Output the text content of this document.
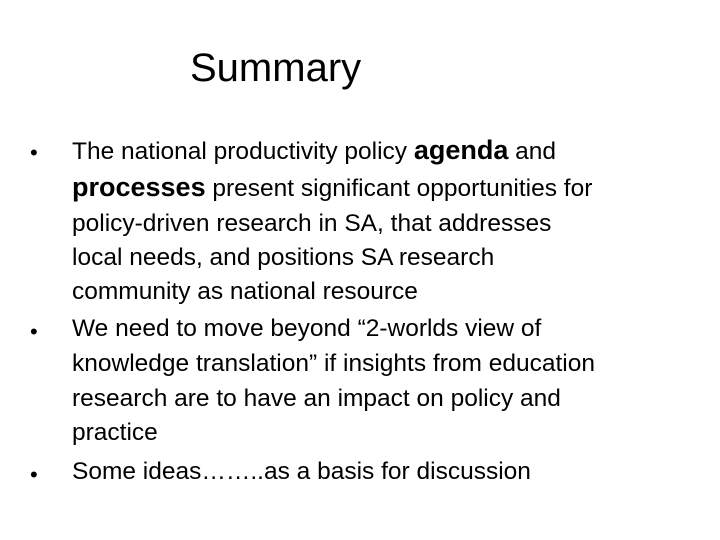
Summary
• The national productivity policy agenda and
processes present significant opportunities for
policy-driven research in SA, that addresses
local needs, and positions SA research
community as national resource
• We need to move beyond “2-worlds view of
knowledge translation” if insights from education
research are to have an impact on policy and
practice
• Some ideas……..as a basis for discussion
